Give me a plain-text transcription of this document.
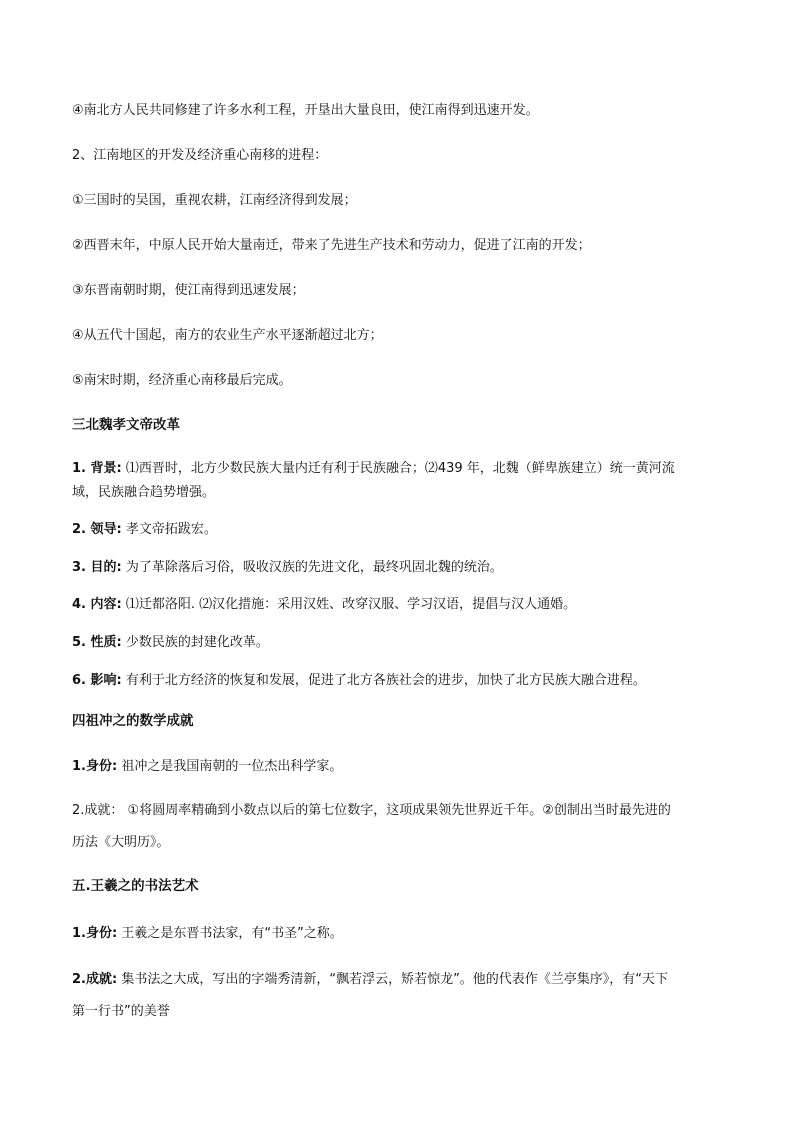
④南北方人民共同修建了许多水利工程，开垦出大量良田，使江南得到迅速开发。
2、江南地区的开发及经济重心南移的进程：
①三国时的吴国，重视农耕，江南经济得到发展；
②西晋末年，中原人民开始大量南迁，带来了先进生产技术和劳动力，促进了江南的开发；
③东晋南朝时期，使江南得到迅速发展；
④从五代十国起，南方的农业生产水平逐渐超过北方；
⑤南宋时期，经济重心南移最后完成。
三北魏孝文帝改革
1. 背景: ⑴西晋时，北方少数民族大量内迁有利于民族融合；⑵439 年，北魏（鲜卑族建立）统一黄河流
域，民族融合趋势增强。
2. 领导: 孝文帝拓跋宏。
3. 目的: 为了革除落后习俗，吸收汉族的先进文化，最终巩固北魏的统治。
4. 内容: ⑴迁都洛阳. ⑵汉化措施：采用汉姓、改穿汉服、学习汉语，提倡与汉人通婚。
5. 性质: 少数民族的封建化改革。
6. 影响: 有利于北方经济的恢复和发展，促进了北方各族社会的进步，加快了北方民族大融合进程。
四祖冲之的数学成就
1.身份: 祖冲之是我国南朝的一位杰出科学家。
2.成就： ①将圆周率精确到小数点以后的第七位数字，这项成果领先世界近千年。②创制出当时最先进的
历法《大明历》。
五.王羲之的书法艺术
1.身份: 王羲之是东晋书法家，有“书圣”之称。
2.成就: 集书法之大成，写出的字端秀清新，“飘若浮云，矫若惊龙”。他的代表作《兰亭集序》，有“天下
第一行书”的美誉
